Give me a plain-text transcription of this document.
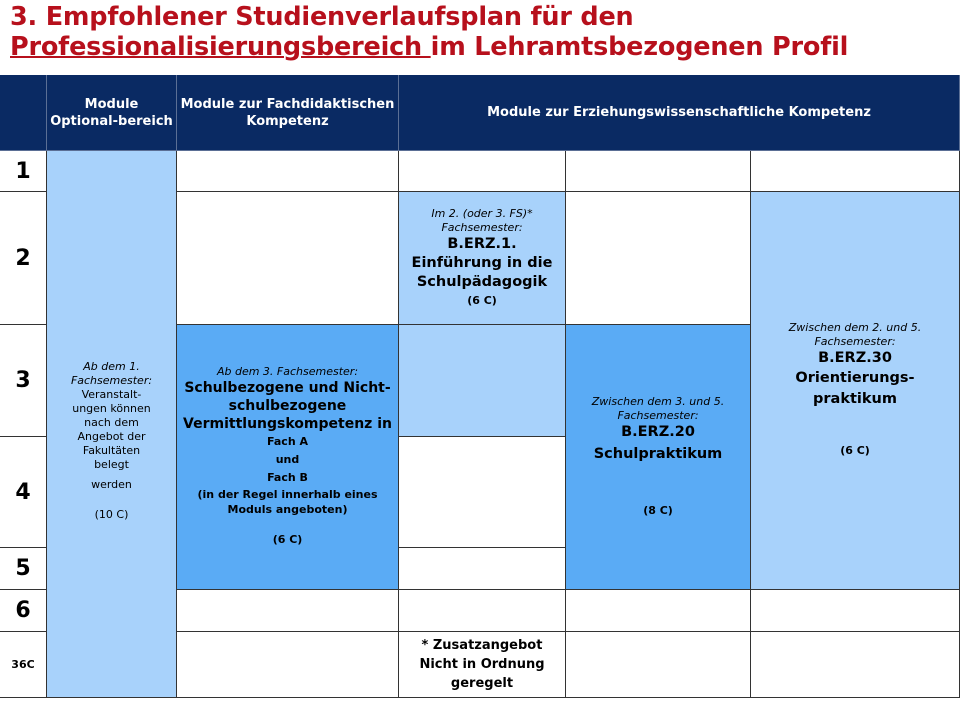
3. Empfohlener Studienverlaufsplan für den
Professionalisierungsbereich im Lehramtsbezogenen Profil
Module Optional-bereich
Module zur Fachdidaktischen Kompetenz
Module zur Erziehungswissenschaftliche Kompetenz
1
2
3
4
5
6
36C
Ab dem 1. Fachsemester:
Veranstalt-
ungen können
nach dem
Angebot der
Fakultäten
belegt
werden
(10 C)
Im 2. (oder 3. FS)* Fachsemester:
B.ERZ.1.
Einführung in die Schulpädagogik
(6 C)
Zwischen dem 2. und 5. Fachsemester:
B.ERZ.30
Orientierungs-
praktikum
(6 C)
Ab dem 3. Fachsemester:
Schulbezogene und Nicht-schulbezogene Vermittlungskompetenz in
Fach A
und
Fach B
(in der Regel innerhalb eines Moduls angeboten)
(6 C)
Zwischen dem 3. und 5. Fachsemester:
B.ERZ.20
Schulpraktikum
(8 C)
* Zusatzangebot
Nicht in Ordnung
geregelt
